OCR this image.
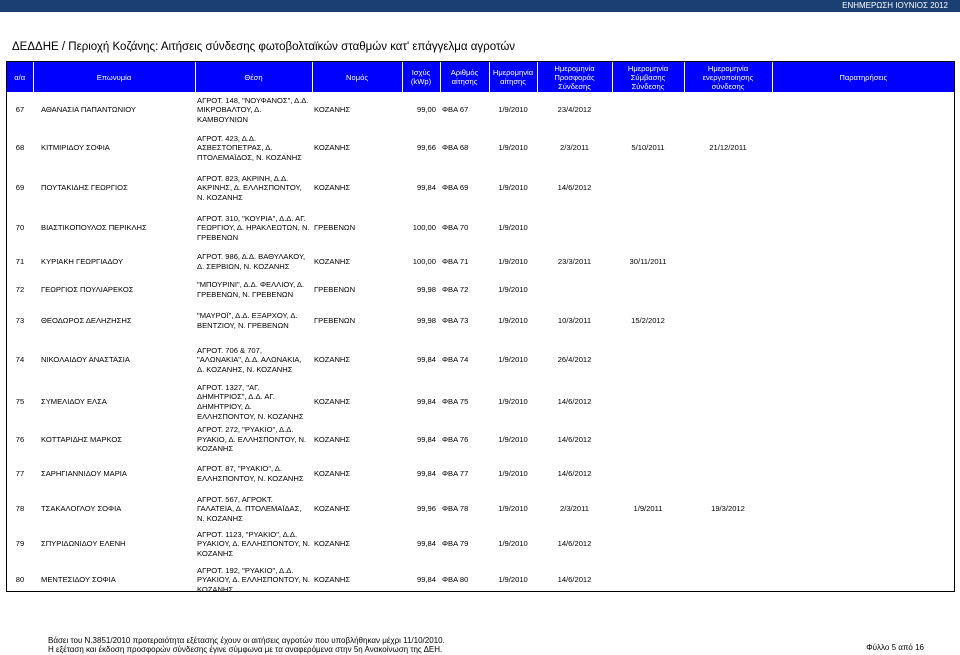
ΕΝΗΜΕΡΩΣΗ ΙΟΥΝΙΟΣ 2012
ΔΕΔΔΗΕ / Περιοχή Κοζάνης: Αιτήσεις σύνδεσης φωτοβολταϊκών σταθμών κατ' επάγγελμα αγροτών
α/α	Επωνυμία	Θέση	Νομός	Ισχύς (kWp)	Αριθμός αίτησης	Ημερομηνία αίτησης	Ημερομηνία Προσφοράς Σύνδεσης	Ημερομηνία Σύμβασης Σύνδεσης	Ημερομηνία ενεργοποίησης σύνδεσης	Παρατηρήσεις
67	ΑΘΑΝΑΣΙΑ ΠΑΠΑΝΤΩΝΙΟΥ	ΑΓΡΟΤ. 148, "ΝΟΥΦΑΝΟΣ", Δ.Δ. ΜΙΚΡΟΒΑΛΤΟΥ, Δ. ΚΑΜΒΟΥΝΙΩΝ	ΚΟΖΑΝΗΣ	99,00	ΦΒΑ 67	1/9/2010	23/4/2012			
68	ΚΙΤΜΙΡΙΔΟΥ ΣΟΦΙΑ	ΑΓΡΟΤ. 423, Δ.Δ. ΑΣΒΕΣΤΟΠΕΤΡΑΣ, Δ. ΠΤΟΛΕΜΑΪΔΟΣ, Ν. ΚΟΖΑΝΗΣ	ΚΟΖΑΝΗΣ	99,66	ΦΒΑ 68	1/9/2010	2/3/2011	5/10/2011	21/12/2011	
69	ΠΟΥΤΑΚΙΔΗΣ ΓΕΩΡΓΙΟΣ	ΑΓΡΟΤ. 823, ΑΚΡΙΝΗ, Δ.Δ. ΑΚΡΙΝΗΣ, Δ. ΕΛΛΗΣΠΟΝΤΟΥ, Ν. ΚΟΖΑΝΗΣ	ΚΟΖΑΝΗΣ	99,84	ΦΒΑ 69	1/9/2010	14/6/2012			
70	ΒΙΑΣΤΙΚΟΠΟΥΛΟΣ ΠΕΡΙΚΛΗΣ	ΑΓΡΟΤ. 310, "ΚΟΥΡΙΑ", Δ.Δ. ΑΓ. ΓΕΩΡΓΙΟΥ, Δ. ΗΡΑΚΛΕΩΤΩΝ, Ν. ΓΡΕΒΕΝΩΝ	ΓΡΕΒΕΝΩΝ	100,00	ΦΒΑ 70	1/9/2010				
71	ΚΥΡΙΑΚΗ ΓΕΩΡΓΙΑΔΟΥ	ΑΓΡΟΤ. 986, Δ.Δ. ΒΑΘΥΛΑΚΟΥ, Δ. ΣΕΡΒΙΩΝ, Ν. ΚΟΖΑΝΗΣ	ΚΟΖΑΝΗΣ	100,00	ΦΒΑ 71	1/9/2010	23/3/2011	30/11/2011		
72	ΓΕΩΡΓΙΟΣ ΠΟΥΛΙΑΡΕΚΟΣ	"ΜΠΟΥΡΙΝΙ", Δ.Δ. ΦΕΛΛΙΟΥ, Δ. ΓΡΕΒΕΝΩΝ, Ν. ΓΡΕΒΕΝΩΝ	ΓΡΕΒΕΝΩΝ	99,98	ΦΒΑ 72	1/9/2010				
73	ΘΕΟΔΩΡΟΣ ΔΕΛΗΖΗΣΗΣ	"ΜΑΥΡΟΪ", Δ.Δ. ΕΞΑΡΧΟΥ, Δ. ΒΕΝΤΖΙΟΥ, Ν. ΓΡΕΒΕΝΩΝ	ΓΡΕΒΕΝΩΝ	99,98	ΦΒΑ 73	1/9/2010	10/3/2011	15/2/2012		
74	ΝΙΚΟΛΑΙΔΟΥ ΑΝΑΣΤΑΣΙΑ	ΑΓΡΟΤ. 706 & 707, "ΑΛΩΝΑΚΙΑ", Δ.Δ. ΑΛΩΝΑΚΙΑ, Δ. ΚΟΖΑΝΗΣ, Ν. ΚΟΖΑΝΗΣ	ΚΟΖΑΝΗΣ	99,84	ΦΒΑ 74	1/9/2010	26/4/2012			
75	ΣΥΜΕΛΙΔΟΥ ΕΛΣΑ	ΑΓΡΟΤ. 1327, "ΑΓ. ΔΗΜΗΤΡΙΟΣ", Δ.Δ. ΑΓ. ΔΗΜΗΤΡΙΟΥ, Δ. ΕΛΛΗΣΠΟΝΤΟΥ, Ν. ΚΟΖΑΝΗΣ	ΚΟΖΑΝΗΣ	99,84	ΦΒΑ 75	1/9/2010	14/6/2012			
76	ΚΟΤΤΑΡΙΔΗΣ ΜΑΡΚΟΣ	ΑΓΡΟΤ. 272, "ΡΥΑΚΙΟ", Δ.Δ. ΡΥΑΚΙΟ, Δ. ΕΛΛΗΣΠΟΝΤΟΥ, Ν. ΚΟΖΑΝΗΣ	ΚΟΖΑΝΗΣ	99,84	ΦΒΑ 76	1/9/2010	14/6/2012			
77	ΣΑΡΗΓΙΑΝΝΙΔΟΥ ΜΑΡΙΑ	ΑΓΡΟΤ. 87, "ΡΥΑΚΙΟ", Δ. ΕΛΛΗΣΠΟΝΤΟΥ, Ν. ΚΟΖΑΝΗΣ	ΚΟΖΑΝΗΣ	99,84	ΦΒΑ 77	1/9/2010	14/6/2012			
78	ΤΣΑΚΑΛΟΓΛΟΥ ΣΟΦΙΑ	ΑΓΡΟΤ. 567, ΑΓΡΟΚΤ. ΓΑΛΑΤΕΙΑ, Δ. ΠΤΟΛΕΜΑΪΔΑΣ, Ν. ΚΟΖΑΝΗΣ	ΚΟΖΑΝΗΣ	99,96	ΦΒΑ 78	1/9/2010	2/3/2011	1/9/2011	19/3/2012	
79	ΣΠΥΡΙΔΩΝΙΔΟΥ ΕΛΕΝΗ	ΑΓΡΟΤ. 1123, "ΡΥΑΚΙΟ", Δ.Δ. ΡΥΑΚΙΟΥ, Δ. ΕΛΛΗΣΠΟΝΤΟΥ, Ν. ΚΟΖΑΝΗΣ	ΚΟΖΑΝΗΣ	99,84	ΦΒΑ 79	1/9/2010	14/6/2012			
80	ΜΕΝΤΕΣΙΔΟΥ ΣΟΦΙΑ	ΑΓΡΟΤ. 192, "ΡΥΑΚΙΟ", Δ.Δ. ΡΥΑΚΙΟΥ, Δ. ΕΛΛΗΣΠΟΝΤΟΥ, Ν. ΚΟΖΑΝΗΣ	ΚΟΖΑΝΗΣ	99,84	ΦΒΑ 80	1/9/2010	14/6/2012			
Βάσει του Ν.3851/2010 προτεραιότητα εξέτασης έχουν οι αιτήσεις αγροτών που υποβλήθηκαν μέχρι 11/10/2010.
Η εξέταση και έκδοση προσφορών σύνδεσης έγινε σύμφωνα με τα αναφερόμενα στην 5η Ανακοίνωση της ΔΕΗ.	Φύλλο 5 από 16
